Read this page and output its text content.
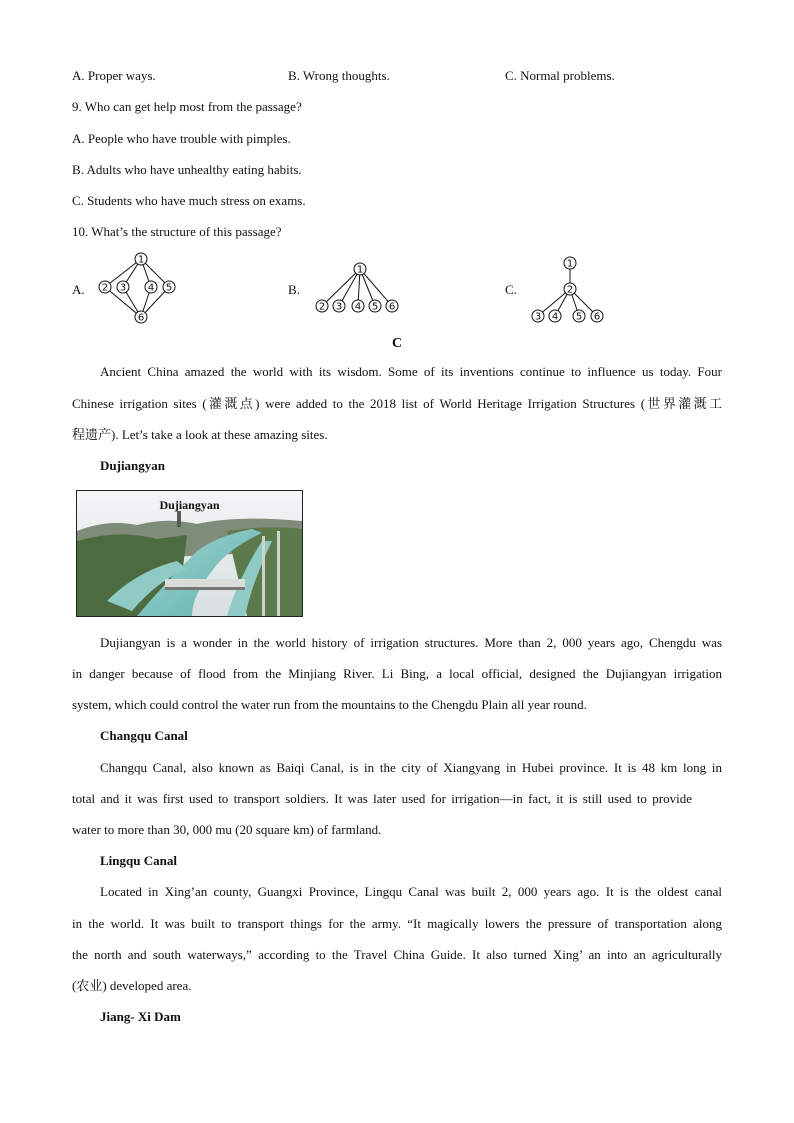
A. Proper ways.	B. Wrong thoughts.	C. Normal problems.
9. Who can get help most from the passage?
A. People who have trouble with pimples.
B. Adults who have unhealthy eating habits.
C. Students who have much stress on exams.
10. What’s the structure of this passage?
A.	B.	C.
1
2 3 4 5
6
1
2 3 4 5 6
1
2
3 4 5 6
C
Ancient China amazed the world with its wisdom. Some of its inventions continue to influence us today. Four
Chinese irrigation sites (灌溉点) were added to the 2018 list of World Heritage Irrigation Structures (世界灌溉工
程遗产). Let’s take a look at these amazing sites.
Dujiangyan
Dujiangyan
Dujiangyan is a wonder in the world history of irrigation structures. More than 2, 000 years ago, Chengdu was
in danger because of flood from the Minjiang River. Li Bing, a local official, designed the Dujiangyan irrigation
system, which could control the water run from the mountains to the Chengdu Plain all year round.
Changqu Canal
Changqu Canal, also known as Baiqi Canal, is in the city of Xiangyang in Hubei province. It is 48 km long in
total and it was first used to transport soldiers. It was later used for irrigation—in fact, it is still used to provide
water to more than 30, 000 mu (20 square km) of farmland.
Lingqu Canal
Located in Xing’an county, Guangxi Province, Lingqu Canal was built 2, 000 years ago. It is the oldest canal
in the world. It was built to transport things for the army. “It magically lowers the pressure of transportation along
the north and south waterways,” according to the Travel China Guide. It also turned Xing’ an into an agriculturally
(农业) developed area.
Jiang- Xi Dam
